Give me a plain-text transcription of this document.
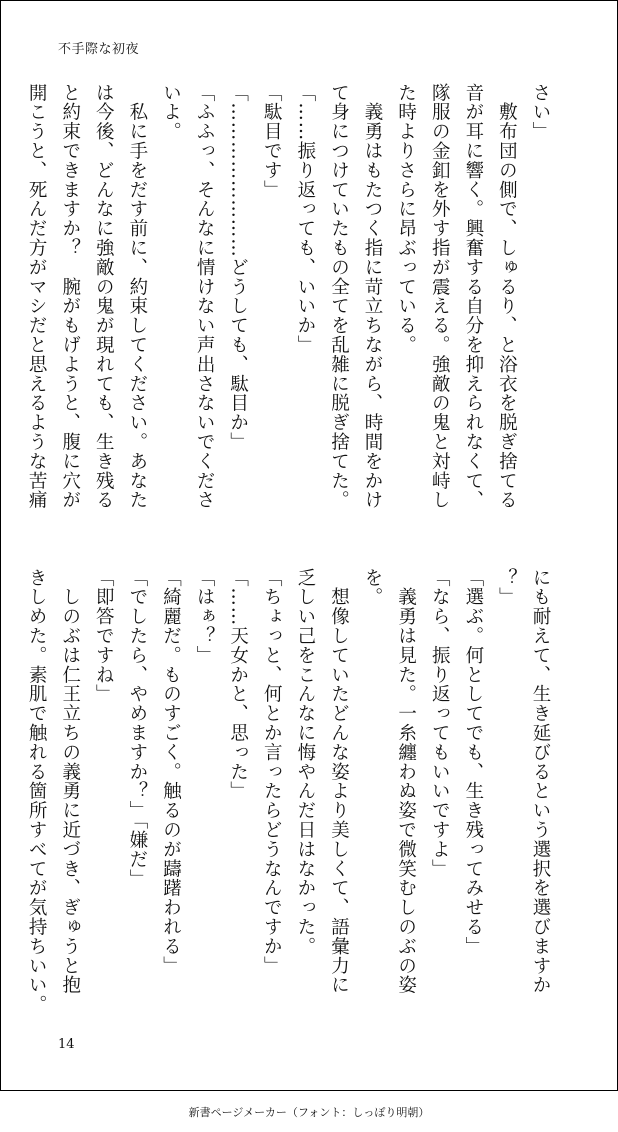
不手際な初夜
さい」
　敷布団の側で、しゅるり、と浴衣を脱ぎ捨てる
音が耳に響く。興奮する自分を抑えられなくて、
隊服の金釦を外す指が震える。強敵の鬼と対峙し
た時よりさらに昂ぶっている。
　義勇はもたつく指に苛立ちながら、時間をかけ
て身につけていたもの全てを乱雑に脱ぎ捨てた。
「……振り返っても、いいか」
「駄目です」
「……………………どうしても、駄目か」
「ふふっ、そんなに情けない声出さないでくださ
いよ。
　私に手をだす前に、約束してください。あなた
は今後、どんなに強敵の鬼が現れても、生き残る
と約束できますか？　腕がもげようと、腹に穴が
開こうと、死んだ方がマシだと思えるような苦痛
にも耐えて、生き延びるという選択を選びますか
？」
「選ぶ。何としてでも、生き残ってみせる」
「なら、振り返ってもいいですよ」
　義勇は見た。一糸纏わぬ姿で微笑むしのぶの姿
を。
　想像していたどんな姿より美しくて、語彙力に
乏しい己をこんなに悔やんだ日はなかった。
「ちょっと、何とか言ったらどうなんですか」
「……天女かと、思った」
「はぁ？」
「綺麗だ。ものすごく。触るのが躊躇われる」
「でしたら、やめますか？」「嫌だ」
「即答ですね」
　しのぶは仁王立ちの義勇に近づき、ぎゅうと抱
きしめた。素肌で触れる箇所すべてが気持ちいい。
14
新書ページメーカー（フォント：しっぽり明朝）
